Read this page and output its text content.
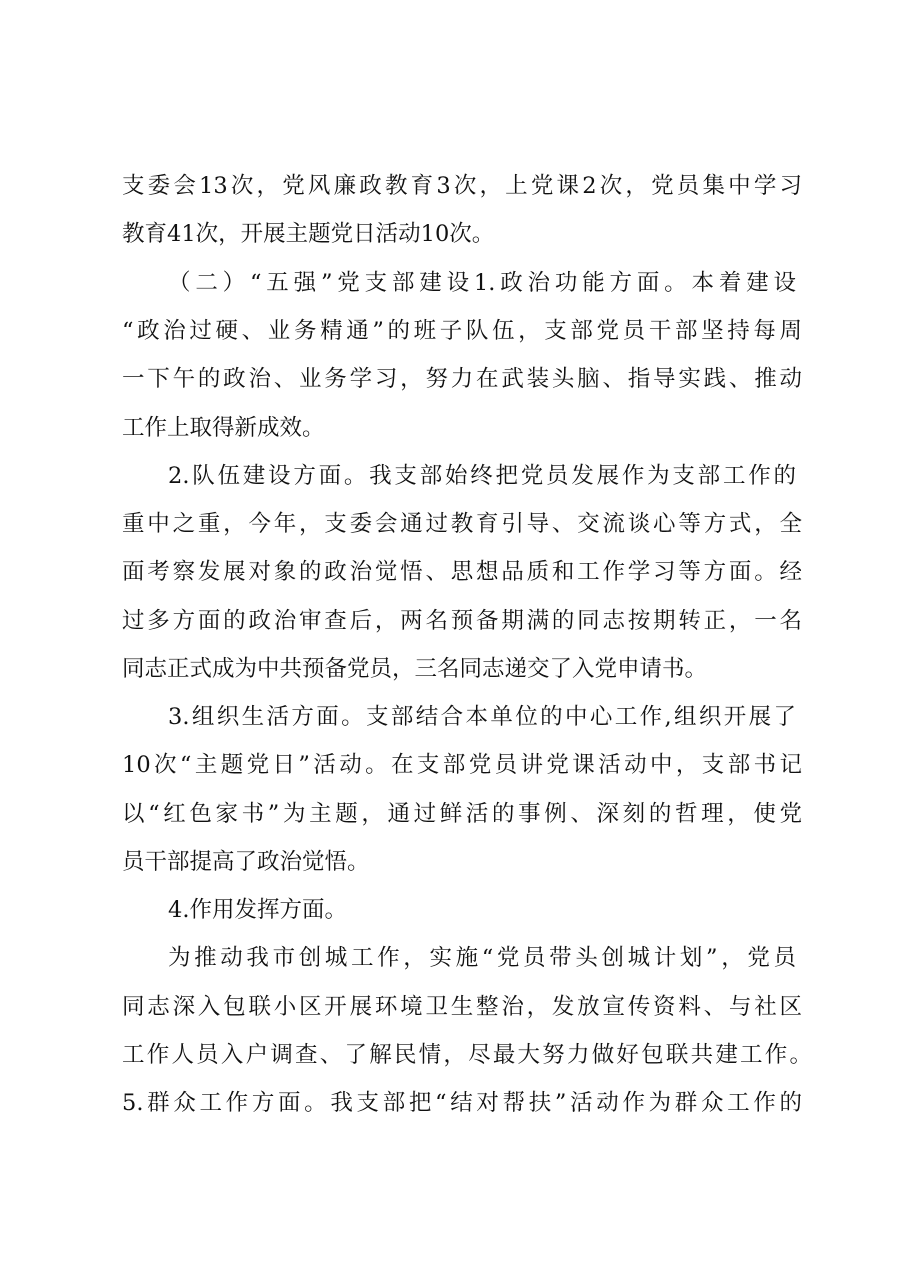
支委会13次，党风廉政教育3次，上党课2次，党员集中学习
教育41次，开展主题党日活动10次。
（二）“五强”党支部建设1.政治功能方面。本着建设
“政治过硬、业务精通”的班子队伍，支部党员干部坚持每周
一下午的政治、业务学习，努力在武装头脑、指导实践、推动
工作上取得新成效。
2.队伍建设方面。我支部始终把党员发展作为支部工作的
重中之重，今年，支委会通过教育引导、交流谈心等方式，全
面考察发展对象的政治觉悟、思想品质和工作学习等方面。经
过多方面的政治审查后，两名预备期满的同志按期转正，一名
同志正式成为中共预备党员，三名同志递交了入党申请书。
3.组织生活方面。支部结合本单位的中心工作,组织开展了
10次“主题党日”活动。在支部党员讲党课活动中，支部书记
以“红色家书”为主题，通过鲜活的事例、深刻的哲理，使党
员干部提高了政治觉悟。
4.作用发挥方面。
为推动我市创城工作，实施“党员带头创城计划”，党员
同志深入包联小区开展环境卫生整治，发放宣传资料、与社区
工作人员入户调查、了解民情，尽最大努力做好包联共建工作。
5.群众工作方面。我支部把“结对帮扶”活动作为群众工作的
